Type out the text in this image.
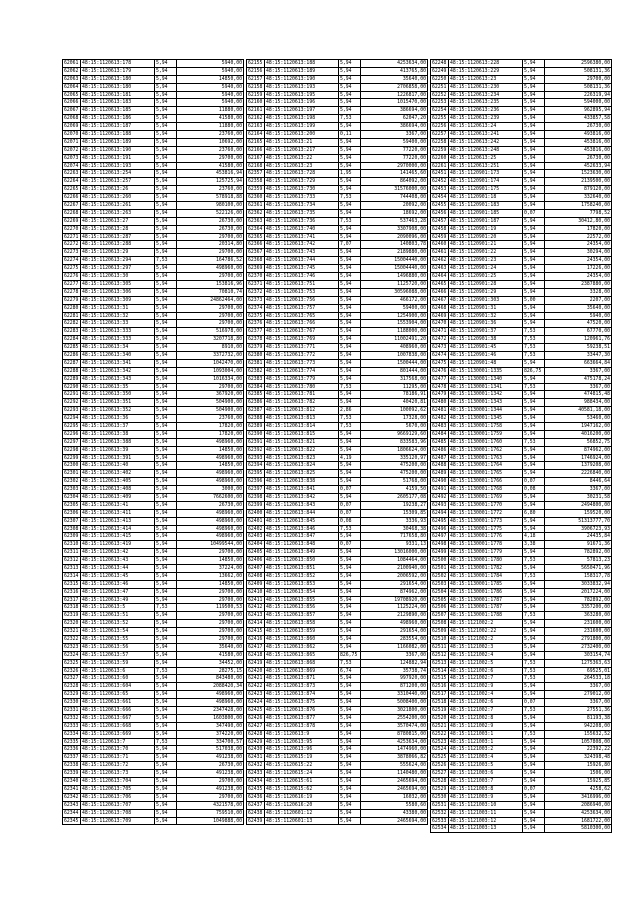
62061 48:15:1120613:178	5,94	5940,00
62062 48:15:1120613:179	5,94	5940,00
62063 48:15:1120613:180	5,94	14850,00
62064 48:15:1120613:180	5,94	5940,00
62065 48:15:1120613:181	5,94	5940,00
62066 48:15:1120613:183	5,94	5940,00
62067 48:15:1120613:185	5,94	11880,00
62068 48:15:1120613:186	5,94	41580,00
62069 48:15:1120613:187	5,94	11880,00
62070 48:15:1120613:188	5,94	23760,00
62071 48:15:1120613:189	5,94	10692,00
62072 48:15:1120613:190	5,94	23760,00
62073 48:15:1120613:191	5,94	29700,00
62074 48:15:1120613:193	5,94	41580,00
62263 48:15:1120613:254	5,94	453816,94
62264 48:15:1120613:257	5,94	125725,94
62265 48:15:1120613:26	5,94	23760,00
62266 48:15:1120613:260	5,94	578918,88
62267 48:15:1120613:261	5,94	980100,00
62268 48:15:1120613:263	5,94	522126,00
62269 48:15:1120613:27	5,94	26730,00
62270 48:15:1120613:28	5,94	26730,00
62271 48:15:1120613:287	5,94	29700,00
62272 48:15:1120613:288	5,94	20314,80
62273 48:15:1120613:29	5,94	29700,00
62274 48:15:1120613:294	7,53	164786,52
62275 48:15:1120613:297	5,94	498960,00
62276 48:15:1120613:30	5,94	29700,00
62277 48:15:1120613:305	5,94	153816,96
62278 48:15:1120613:306	5,94	70810,74
62279 48:15:1120613:309	5,94	24862464,00
62280 48:15:1120613:31	5,94	29700,00
62281 48:15:1120613:32	5,94	29700,00
62282 48:15:1120613:33	5,94	29700,00
62283 48:15:1120613:333	5,94	516978,00
62284 48:15:1120613:333	5,94	3207718,80
62285 48:15:1120613:34	5,94	8910,00
62286 48:15:1120613:340	5,94	3372732,00
62287 48:15:1120613:341	5,94	1042470,00
62288 48:15:1120613:342	5,94	1093004,00
62289 48:15:1120613:343	5,94	1016334,00
62290 48:15:1120613:35	5,94	29700,00
62291 48:15:1120613:350	5,94	367920,00
62292 48:15:1120613:351	5,94	504900,00
62293 48:15:1120613:352	5,94	504900,00
62294 48:15:1120613:36	5,94	23760,00
62295 48:15:1120613:37	5,94	17820,00
62296 48:15:1120613:38	5,94	17820,00
62297 48:15:1120613:388	5,94	498960,00
62298 48:15:1120613:39	5,94	14850,00
62299 48:15:1120613:391	5,94	498960,00
62300 48:15:1120613:40	5,94	14850,00
62301 48:15:1120613:402	5,94	498960,00
62302 48:15:1120613:405	5,94	498960,00
62303 48:15:1120613:408	5,94	3000,00
62304 48:15:1120613:409	5,94	7662600,00
62305 48:15:1120613:41	5,94	26730,00
62306 48:15:1120613:411	5,94	498960,00
62307 48:15:1120613:413	5,94	498960,00
62308 48:15:1120613:414	5,94	498960,00
62309 48:15:1120613:415	5,94	498960,00
62310 48:15:1120613:419	5,94	10499544,00
62311 48:15:1120613:42	5,94	29700,00
62312 48:15:1120613:43	5,94	14850,00
62313 48:15:1120613:44	5,94	37224,00
62314 48:15:1120613:45	5,94	13662,00
62315 48:15:1120613:46	5,94	14850,00
62316 48:15:1120613:47	5,94	29700,00
62317 48:15:1120613:49	5,94	29700,00
62318 48:15:1120613:5	7,53	119500,53
62319 48:15:1120613:51	5,94	29700,00
62320 48:15:1120613:52	5,94	29700,00
62321 48:15:1120613:54	5,94	29700,00
62322 48:15:1120613:55	5,94	29700,00
62323 48:15:1120613:56	5,94	35640,00
62324 48:15:1120613:57	5,94	41580,00
62325 48:15:1120613:59	5,94	34452,00
62326 48:15:1120613:6	7,53	28275,15
62327 48:15:1120613:60	5,94	843480,00
62328 48:15:1120613:604	5,94	2088420,34
62329 48:15:1120613:65	5,94	498960,00
62330 48:15:1120613:661	5,94	498960,00
62331 48:15:1120613:666	5,94	2347428,00
62332 48:15:1120613:667	5,94	1603800,00
62333 48:15:1120613:668	5,94	347490,00
62334 48:15:1120613:669	5,94	374220,00
62335 48:15:1120613:7	7,53	334700,57
62336 48:15:1120613:70	5,94	517038,00
62337 48:15:1120613:71	5,94	491238,00
62338 48:15:1120613:72	5,94	26730,00
62339 48:15:1120613:73	5,94	491238,00
62340 48:15:1120613:704	5,94	29700,00
62341 48:15:1120613:705	5,94	491238,00
62342 48:15:1120613:706	5,94	29700,00
62343 48:15:1120613:707	5,94	4321578,00
62344 48:15:1120613:708	5,94	759510,00
62345 48:15:1120613:709	5,94	1049888,00
62155 48:15:1120613:188	5,94	4253634,00
62156 48:15:1120613:189	5,94	413765,80
62157 48:15:1120613:190	5,94	35640,00
62158 48:15:1120613:193	5,94	2706858,00
62159 48:15:1120613:195	5,94	1226817,00
62160 48:15:1120613:196	5,94	1015470,00
62161 48:15:1120613:197	5,94	386694,00
62162 48:15:1120613:198	7,53	62047,20
62163 48:15:1120613:199	5,94	386694,00
62164 48:15:1120613:200	0,11	3367,00
62165 48:15:1120613:21	5,94	59400,00
62166 48:15:1120613:217	5,94	77220,00
62167 48:15:1120613:22	5,94	77220,00
62168 48:15:1120613:23	5,94	2970000,00
62357 48:15:1120613:728	1,95	141465,60
62358 48:15:1120613:729	5,94	864092,00
62359 48:15:1120613:730	5,94	31576000,00
62360 48:15:1120613:733	7,53	744408,00
62361 48:15:1120613:734	5,94	20092,00
62362 48:15:1120613:735	5,94	18692,00
62363 48:15:1120613:736	7,53	537463,28
62364 48:15:1120613:740	5,94	3307908,00
62365 48:15:1120613:741	5,94	2090096,00
62366 48:15:1120613:742	7,07	140803,78
62367 48:15:1120613:743	5,94	2189880,00
62368 48:15:1120613:744	5,94	15004440,00
62369 48:15:1120613:745	5,94	15004440,00
62370 48:15:1120613:746	5,94	1496880,00
62371 48:15:1120613:751	5,94	1125720,00
62372 48:15:1120613:753	5,94	30596088,00
62373 48:15:1120613:756	5,94	466172,00
62374 48:15:1120613:757	5,94	59400,00
62375 48:15:1120613:765	5,94	1254900,00
62376 48:15:1120613:766	5,94	1553904,00
62377 48:15:1120613:767	5,94	1188000,00
62378 48:15:1120613:769	5,94	11002491,20
62379 48:15:1120613:771	5,94	408960,00
62380 48:15:1120613:772	5,94	1007838,00
62381 48:15:1120613:773	5,94	1500444,00
62382 48:15:1120613:774	5,94	801444,00
62383 48:15:1120613:779	5,94	317568,00
62384 48:15:1120613:780	7,53	11295,00
62385 48:15:1120613:781	5,94	78186,91
62386 48:15:1120613:782	5,94	40420,81
62387 48:15:1120613:812	2,86	100092,62
62388 48:15:1120613:813	7,53	17328,00
62389 48:15:1120613:814	7,53	5670,00
62390 48:15:1120613:815	5,94	9669129,60
62391 48:15:1120613:821	5,94	833583,96
62392 48:15:1120613:822	5,94	1806624,00
62393 48:15:1120613:823	4,19	335120,97
62394 48:15:1120613:824	5,94	475200,00
62395 48:15:1120613:825	5,94	475200,00
62396 48:15:1120613:838	5,94	51768,00
62397 48:15:1120613:841	0,07	4159,50
62398 48:15:1120613:842	5,94	2605177,08
62399 48:15:1120613:843	0,07	19238,27
62400 48:15:1120613:844	0,07	15309,85
62401 48:15:1120613:845	0,08	3336,93
62402 48:15:1120613:846	7,53	30468,38
62403 48:15:1120613:847	5,94	717658,80
62404 48:15:1120613:848	0,07	9331,13
62405 48:15:1120613:849	5,94	13016000,00
62406 48:15:1120613:850	5,94	1084464,00
62407 48:15:1120613:851	5,94	2100940,00
62408 48:15:1120613:852	5,94	2006592,00
62409 48:15:1120613:853	5,94	291654,00
62410 48:15:1120613:854	5,94	874962,00
62411 48:15:1120613:855	5,94	19708920,00
62412 48:15:1120613:856	5,94	1125224,00
62413 48:15:1120613:857	5,94	2129890,00
62414 48:15:1120613:858	5,94	498960,00
62415 48:15:1120613:859	5,94	291654,00
62416 48:15:1120613:860	5,94	283554,00
62417 48:15:1120613:862	5,94	1166082,00
62418 48:15:1120613:865	826,75	3367,00
62419 48:15:1120613:868	7,53	124882,94
62420 48:15:1120613:869	6,74	35738,74
62421 48:15:1120613:871	5,94	997920,00
62422 48:15:1120613:873	5,94	871200,00
62423 48:15:1120613:874	5,94	3310440,00
62424 48:15:1120613:875	5,94	5008400,00
62425 48:15:1120613:876	5,94	3021800,00
62426 48:15:1120613:877	5,94	2554200,00
62427 48:15:1120613:878	5,94	3570474,00
62428 48:15:1120613:9	5,94	8780815,00
62429 48:15:1120613:95	5,94	4253634,00
62430 48:15:1120613:96	5,94	1474960,00
62431 48:15:1120615:19	5,94	3878066,82
62432 48:15:1120615:22	5,94	555624,00
62433 48:15:1120615:24	5,94	1140480,00
62434 48:15:1120615:61	5,94	2465694,00
62435 48:15:1120615:62	5,94	2465694,00
62436 48:15:1120616:19	5,94	16032,00
62437 48:15:1120616:20	5,94	5580,60
62438 48:15:1120601:12	5,94	43380,00
62439 48:15:1120601:13	5,94	2465694,00
62248 48:15:1120613:228	5,94	2596380,00
62249 48:15:1120613:229	5,94	508131,36
62250 48:15:1120613:23	5,94	29700,00
62251 48:15:1120613:230	5,94	508131,36
62252 48:15:1120613:234	5,94	226319,94
62253 48:15:1120613:235	5,94	594000,00
62254 48:15:1120613:236	5,94	962895,94
62255 48:15:1120613:239	5,94	433857,58
62256 48:15:1120613:24	5,94	26730,00
62257 48:15:1120613:241	5,94	493816,00
62258 48:15:1120613:242	5,94	453816,00
62259 48:15:1120613:248	5,94	453816,00
62260 48:15:1120613:25	5,94	26730,00
62261 48:15:1120613:251	5,94	452633,94
62451 48:15:1120901:173	5,94	1523630,00
62452 48:15:1120901:174	5,94	2139500,00
62453 48:15:1120901:175	5,94	879120,00
62454 48:15:1120901:18	5,94	332640,00
62455 48:15:1120901:183	5,94	1758240,00
62456 48:15:1120901:185	0,07	7798,52
62457 48:15:1120901:187	5,94	30412,80,00
62458 48:15:1120901:19	5,94	17820,00
62459 48:15:1120901:20	5,94	22572,00
62460 48:15:1120901:21	5,94	24354,00
62461 48:15:1120901:22	5,94	30294,00
62462 48:15:1120901:23	5,94	24354,00
62463 48:15:1120901:24	5,94	17226,00
62464 48:15:1120901:25	5,94	24354,00
62465 48:15:1120901:28	5,94	2387880,00
62466 48:15:1120901:29	5,94	3328,00
62467 48:15:1120901:303	5,00	2207,00
62468 48:15:1120901:31	5,94	35640,00
62469 48:15:1120901:32	5,94	5940,00
62470 48:15:1120901:36	5,94	47520,00
62471 48:15:1120901:37	7,53	67770,00
62472 48:15:1120901:38	7,53	120961,76
62473 48:15:1120901:45	7,53	59238,51
62474 48:15:1120901:46	7,53	33447,30
62475 48:15:1120901:48	5,94	663664,84
62476 48:15:1130001:1335	826,75	3367,00
62477 48:15:1130001:1340	5,94	475178,24
62478 48:15:1130001:1341	7,53	3367,00
62479 48:15:1130001:1342	5,94	474815,48
62480 48:15:1130001:1343	5,94	988434,00
62481 48:15:1130001:1344	5,94	40581,18,00
62482 48:15:1130001:1345	5,94	53460,00
62483 48:15:1130001:1758	5,94	1947162,00
62484 48:15:1130001:1759	5,94	4016200,00
62485 48:15:1130001:1760	7,53	56852,75
62486 48:15:1130001:1762	5,94	874962,00
62487 48:15:1130001:1763	5,94	1746924,00
62488 48:15:1130001:1764	5,94	1379208,00
62489 48:15:1130001:1765	5,94	2226840,00
62490 48:15:1130001:1766	0,07	8446,64
62491 48:15:1130001:1768	0,08	3367,00
62492 48:15:1130001:1769	5,94	30231,58
62493 48:15:1130001:1770	5,94	2494800,00
62494 48:15:1130001:1772	6,80	159520,00
62495 48:15:1130001:1773	5,94	51313777,70
62496 48:15:1130001:1775	5,94	3906723,93
62497 48:15:1130001:1776	4,18	24435,84
62498 48:15:1130001:1778	3,38	91671,36
62499 48:15:1130001:1779	5,94	782892,00
62500 48:15:1130001:1780	7,53	57813,23
62501 48:15:1130001:1782	5,94	5650471,96
62502 48:15:1130001:1784	7,53	158317,78
62503 48:15:1130001:1785	5,94	3033832,94
62504 48:15:1130001:1786	5,94	2017224,00
62505 48:15:1130001:1787	5,94	782892,00
62506 48:15:1130001:1787	5,94	3357200,00
62507 48:15:1130001:1788	7,53	363280,00
62508 48:15:1121002:2	5,94	231600,00
62509 48:15:1121002:22	5,94	231600,00
62510 48:15:1121002:2	5,94	2791800,00
62511 48:15:1121002:3	5,94	2732400,00
62512 48:15:1121002:4	5,94	303154,74
62513 48:15:1121002:5	7,53	1275363,63
62514 48:15:1121002:6	7,53	69525,01
62515 48:15:1121002:7	7,53	264533,18
62516 48:15:1121002:9	5,94	3367,00
62517 48:15:1121002:4	5,94	279012,00
62518 48:15:1121002:6	0,07	3367,00
62519 48:15:1121002:7	7,53	27551,36
62520 48:15:1121002:8	5,94	81193,38
62521 48:15:1121002:9	5,94	942208,00
62522 48:15:1121003:1	7,53	155632,52
62523 48:15:1121003:1	5,94	1057808,00
62524 48:15:1121003:2	5,94	22392,22
62525 48:15:1121003:4	5,94	324398,48
62526 48:15:1121003:5	5,94	15926,80
62527 48:15:1121003:6	5,94	1506,00
62528 48:15:1121003:7	5,94	15925,85
62529 48:15:1121003:8	0,07	4258,62
62530 48:15:1121003:9	5,94	3416996,00
62531 48:15:1121003:10	5,94	2086940,00
62532 48:15:1121003:11	5,94	4253634,00
62533 48:15:1121003:12	5,94	1681722,00
62534 48:15:1121003:13	5,94	5810300,00
